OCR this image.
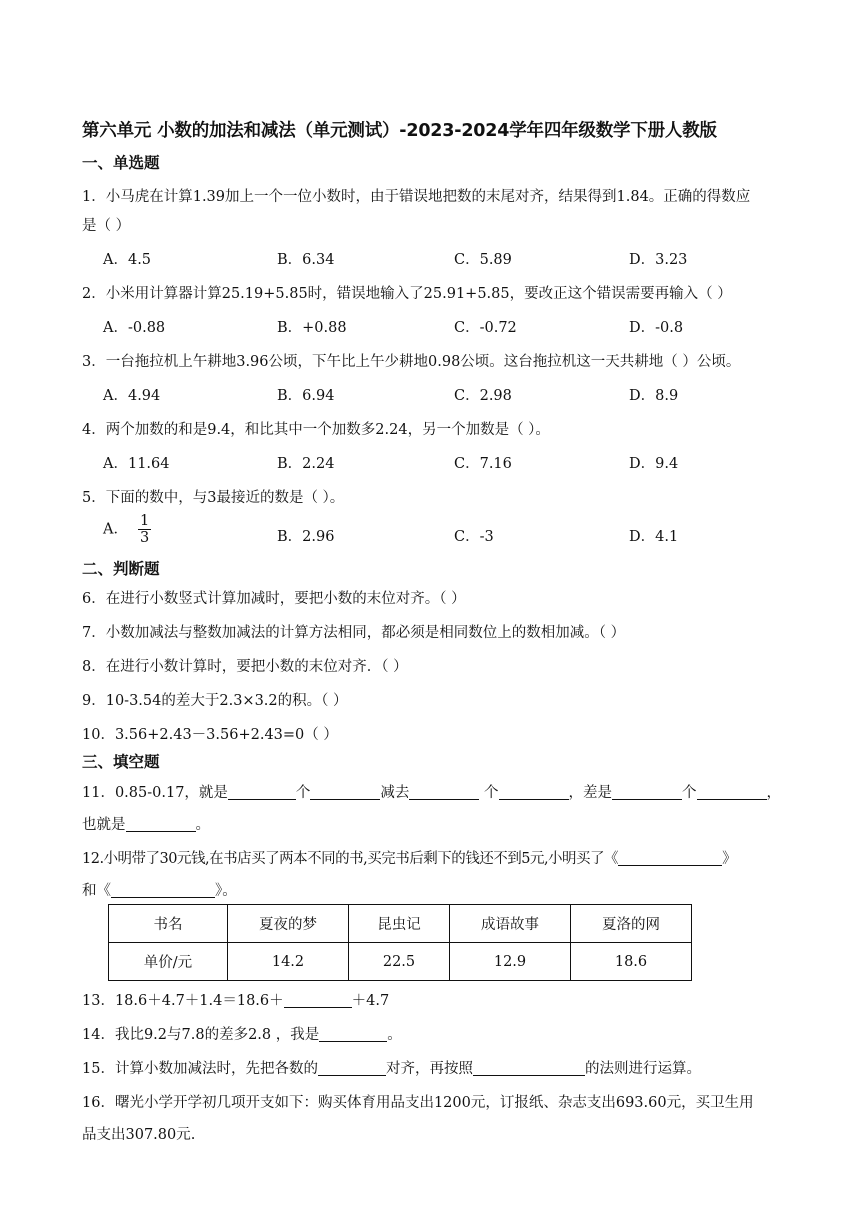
第六单元 小数的加法和减法（单元测试）-2023-2024学年四年级数学下册人教版
一、单选题
1．小马虎在计算1.39加上一个一位小数时，由于错误地把数的末尾对齐，结果得到1.84。正确的得数应
是（ ）
A．4.5	B．6.34	C．5.89	D．3.23
2．小米用计算器计算25.19+5.85时，错误地输入了25.91+5.85，要改正这个错误需要再输入（ ）
A．-0.88	B．+0.88	C．-0.72	D．-0.8
3．一台拖拉机上午耕地3.96公顷，下午比上午少耕地0.98公顷。这台拖拉机这一天共耕地（ ）公顷。
A．4.94	B．6.94	C．2.98	D．8.9
4．两个加数的和是9.4，和比其中一个加数多2.24，另一个加数是（ ）。
A．11.64	B．2.24	C．7.16	D．9.4
5．下面的数中，与3最接近的数是（ ）。
A． $\frac{1}{3}$	B．2.96	C．-3	D．4.1
二、判断题
6．在进行小数竖式计算加减时，要把小数的末位对齐。（ ）
7．小数加减法与整数加减法的计算方法相同，都必须是相同数位上的数相加减。（ ）
8．在进行小数计算时，要把小数的末位对齐．（ ）
9．10-3.54的差大于2.3×3.2的积。（ ）
10．3.56+2.43－3.56+2.43=0（ ）
三、填空题
11．0.85-0.17，就是	个	减去	个	，差是	个	，
也就是	。
12.小明带了30元钱,在书店买了两本不同的书,买完书后剩下的钱还不到5元,小明买了《	》
和《	》。
书名	夏夜的梦	昆虫记	成语故事	夏洛的网
单价/元	14.2	22.5	12.9	18.6
13．18.6＋4.7＋1.4＝18.6＋	＋4.7
14．我比9.2与7.8的差多2.8 ，我是	。
15．计算小数加减法时，先把各数的	对齐，再按照	的法则进行运算。
16．曙光小学开学初几项开支如下：购买体育用品支出1200元，订报纸、杂志支出693.60元，买卫生用
品支出307.80元.
